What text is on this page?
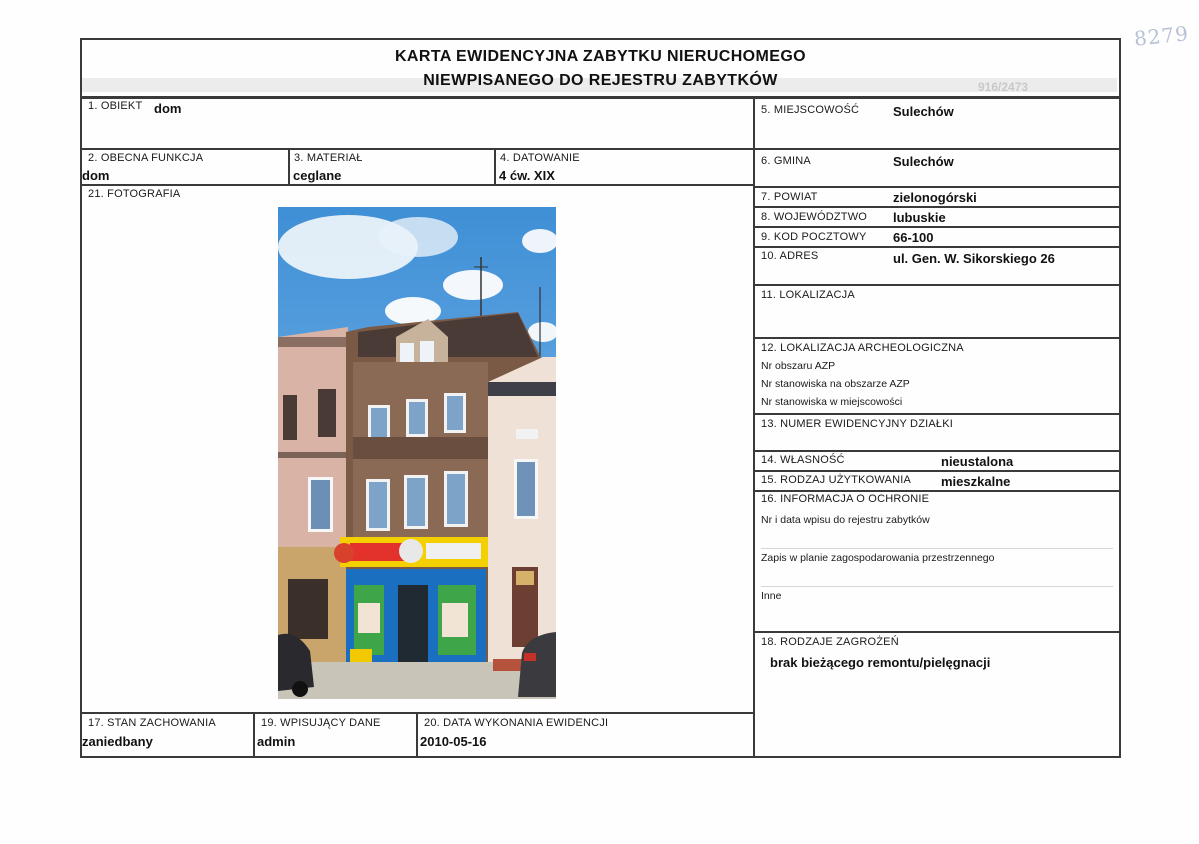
8279
916/2473
KARTA EWIDENCYJNA ZABYTKU NIERUCHOMEGO
NIEWPISANEGO DO REJESTRU ZABYTKÓW
1. OBIEKT dom
2. OBECNA FUNKCJA
dom
3. MATERIAŁ
ceglane
4. DATOWANIE
4 ćw. XIX
21. FOTOGRAFIA
5. MIEJSCOWOŚĆ	Sulechów
6. GMINA	Sulechów
7. POWIAT	zielonogórski
8. WOJEWÓDZTWO lubuskie
9. KOD POCZTOWY 66-100
10. ADRES	ul. Gen. W. Sikorskiego 26
11. LOKALIZACJA
12. LOKALIZACJA ARCHEOLOGICZNA
Nr obszaru AZP
Nr stanowiska na obszarze AZP
Nr stanowiska w miejscowości
13. NUMER EWIDENCYJNY DZIAŁKI
14. WŁASNOŚĆ	nieustalona
15. RODZAJ UŻYTKOWANIA mieszkalne
16. INFORMACJA O OCHRONIE
Nr i data wpisu do rejestru zabytków
Zapis w planie zagospodarowania przestrzennego
Inne
18. RODZAJE ZAGROŻEŃ
brak bieżącego remontu/pielęgnacji
17. STAN ZACHOWANIA
zaniedbany
19. WPISUJĄCY DANE
admin
20. DATA WYKONANIA EWIDENCJI
2010-05-16
